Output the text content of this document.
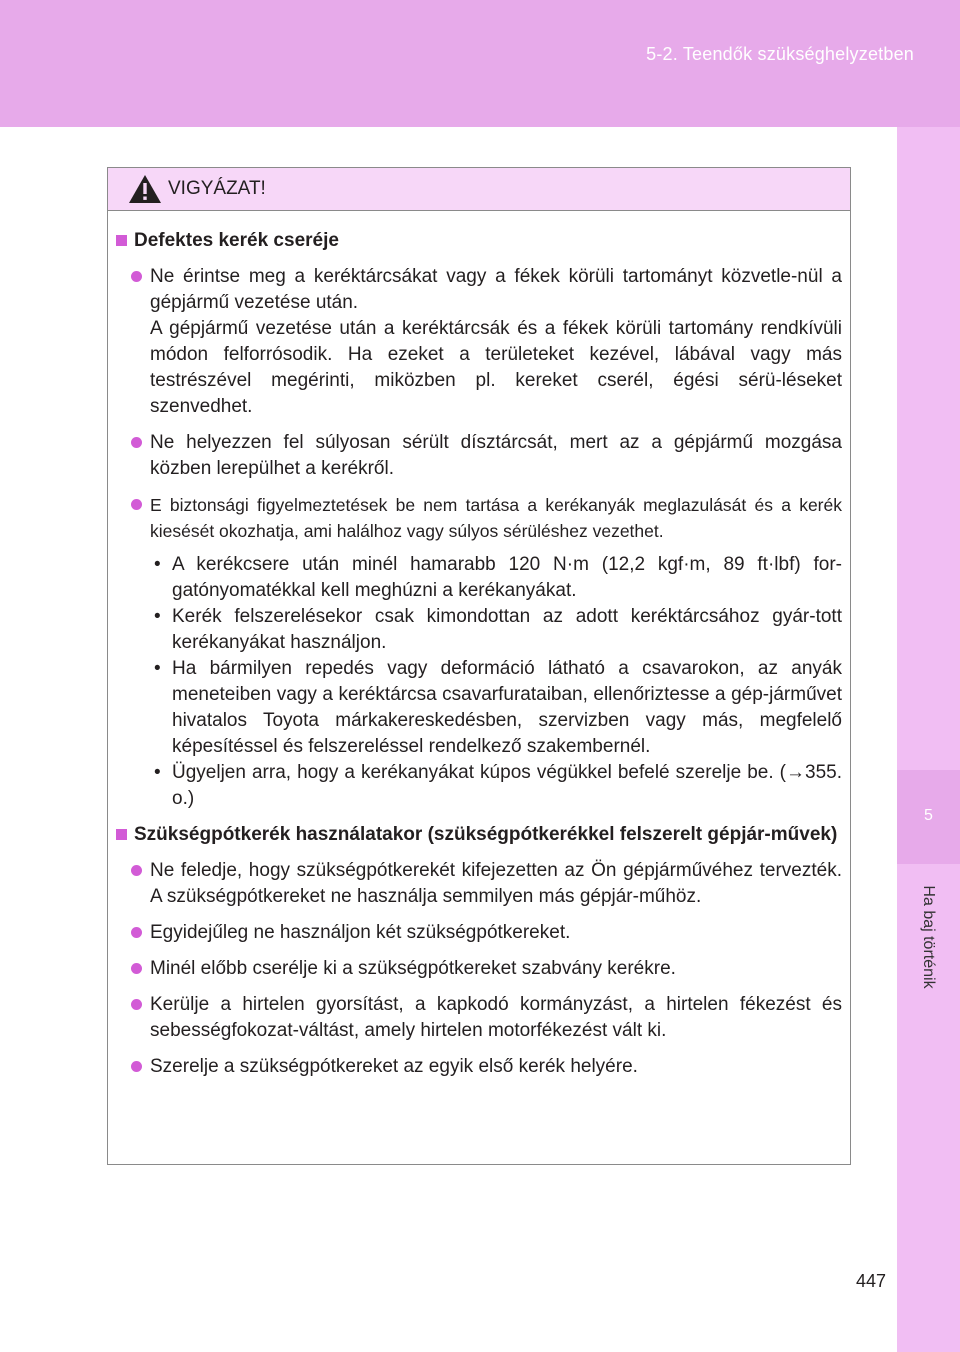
5-2. Teendők szükséghelyzetben
5
Ha baj történik
VIGYÁZAT!
Defektes kerék cseréje
Ne érintse meg a keréktárcsákat vagy a fékek körüli tartományt közvetle-nül a gépjármű vezetése után.
A gépjármű vezetése után a keréktárcsák és a fékek körüli tartomány rendkívüli módon felforrósodik. Ha ezeket a területeket kezével, lábával vagy más testrészével megérinti, miközben pl. kereket cserél, égési sérü-léseket szenvedhet.
Ne helyezzen fel súlyosan sérült dísztárcsát, mert az a gépjármű mozgása közben lerepülhet a kerékről.
E biztonsági figyelmeztetések be nem tartása a kerékanyák meglazulását és a kerék kiesését okozhatja, ami halálhoz vagy súlyos sérüléshez vezethet.
• A kerékcsere után minél hamarabb 120 N·m (12,2 kgf·m, 89 ft·lbf) for-gatónyomatékkal kell meghúzni a kerékanyákat.
• Kerék felszerelésekor csak kimondottan az adott keréktárcsához gyár-tott kerékanyákat használjon.
• Ha bármilyen repedés vagy deformáció látható a csavarokon, az anyák meneteiben vagy a keréktárcsa csavarfurataiban, ellenőriztesse a gép-járművet hivatalos Toyota márkakereskedésben, szervizben vagy más, megfelelő képesítéssel és felszereléssel rendelkező szakembernél.
• Ügyeljen arra, hogy a kerékanyákat kúpos végükkel befelé szerelje be. (→355. o.)
Szükségpótkerék használatakor (szükségpótkerékkel felszerelt gépjár-művek)
Ne feledje, hogy szükségpótkerekét kifejezetten az Ön gépjárművéhez tervezték. A szükségpótkereket ne használja semmilyen más gépjár-műhöz.
Egyidejűleg ne használjon két szükségpótkereket.
Minél előbb cserélje ki a szükségpótkereket szabvány kerékre.
Kerülje a hirtelen gyorsítást, a kapkodó kormányzást, a hirtelen fékezést és sebességfokozat-váltást, amely hirtelen motorfékezést vált ki.
Szerelje a szükségpótkereket az egyik első kerék helyére.
447
